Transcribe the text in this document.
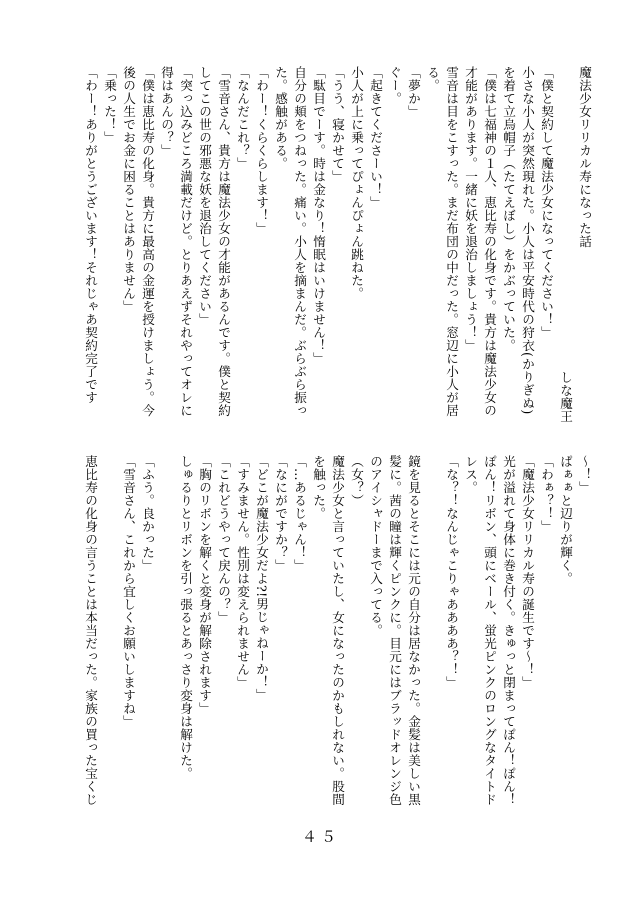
魔法少女リリカル寿になった話
しな魔王
「僕と契約して魔法少女になってください！」
小さな小人が突然現れた。小人は平安時代の狩衣(かりぎぬ)
を着て立烏帽子（たてえぼし）をかぶっていた。
「僕は七福神の１人、恵比寿の化身です。貴方は魔法少女の
才能があります。一緒に妖を退治しましょう！」
雪音は目をこすった。まだ布団の中だった。窓辺に小人が居
る。
「夢か」
ぐー。
「起きてくださーい！」
小人が上に乗ってぴょんぴょん跳ねた。
「うう、寝かせて」
「駄目でーす。時は金なり！惰眠はいけません！」
自分の頬をつねった。痛い。小人を摘まんだ。ぶらぶら振っ
た。感触がある。
「わー！くらくらします！」
「なんだこれ？」
「雪音さん、貴方は魔法少女の才能があるんです。僕と契約
してこの世の邪悪な妖を退治してください」
「突っ込みどころ満載だけど。とりあえずそれやってオレに
得はあんの？」
「僕は恵比寿の化身。貴方に最高の金運を授けましょう。今
後の人生でお金に困ることはありません」
「乗った！」
「わー！ありがとうございます！それじゃあ契約完了です
～！」
ぱぁぁと辺りが輝く。
「わぁ？！」
「魔法少女リリカル寿の誕生です～！」
光が溢れて身体に巻き付く。きゅっと閉まってぽん！ぽん！
ぽん！リボン、頭にベール、蛍光ピンクのロングなタイトド
レス。
「な？！なんじゃこりゃああああ？！」

鏡を見るとそこには元の自分は居なかった。金髪は美しい黒
髪に。茜の瞳は輝くピンクに。目元にはブラッドオレンジ色
のアイシャドーまで入ってる。
（女？）
魔法少女と言っていたし、女になったのかもしれない。股間
を触った。
「…あるじゃん！」
「なにがですか？」
「どこが魔法少女だよ?!男じゃねーか！」
「すみません。性別は変えられません」
「これどうやって戻んの？」
「胸のリボンを解くと変身が解除されます」
しゅるりとリボンを引っ張るとあっさり変身は解けた。

「ふう。良かった」
「雪音さん、これから宜しくお願いしますね」

恵比寿の化身の言うことは本当だった。家族の買った宝くじ
４５
